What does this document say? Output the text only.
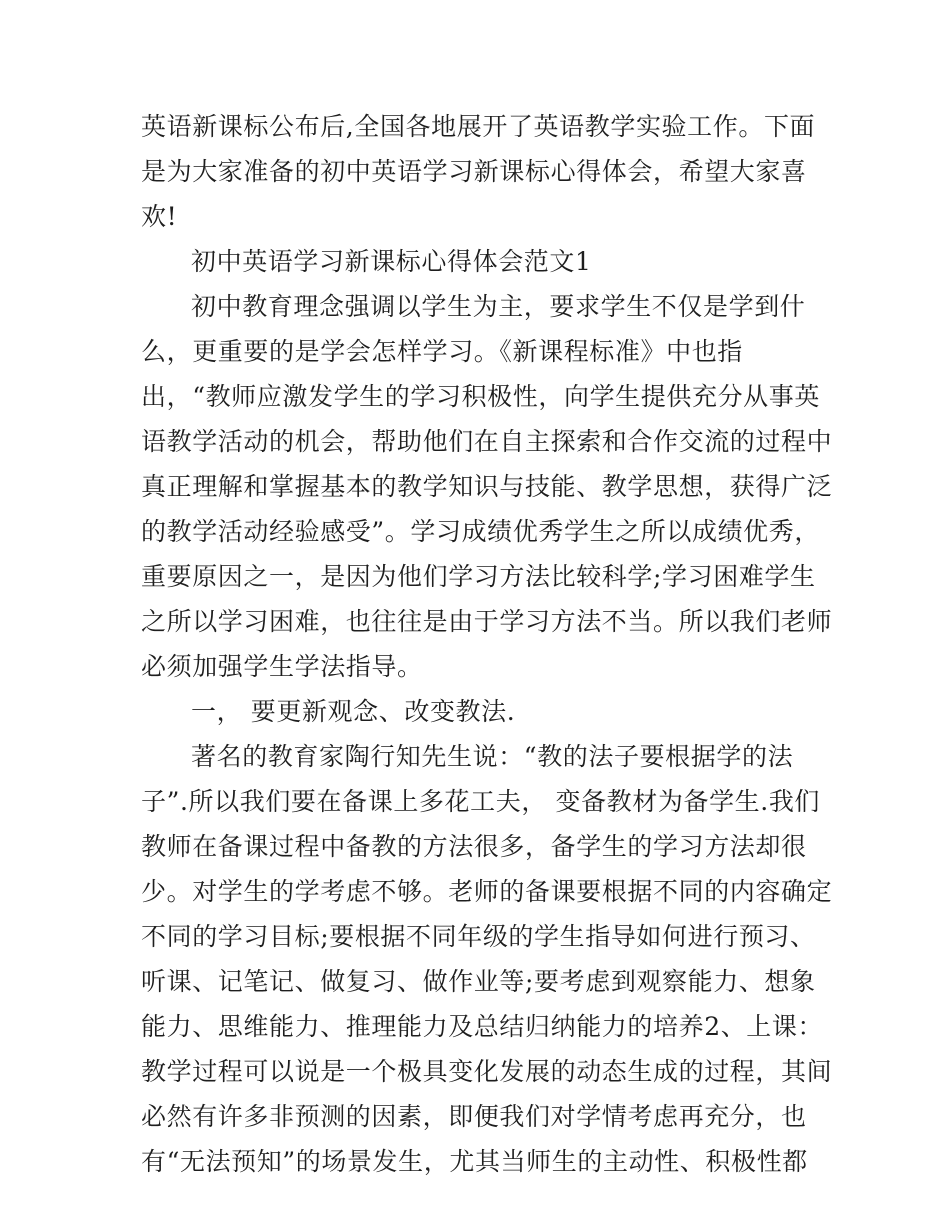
英语新课标公布后,全国各地展开了英语教学实验工作。下面
是为大家准备的初中英语学习新课标心得体会，希望大家喜
欢!
初中英语学习新课标心得体会范文1
初中教育理念强调以学生为主，要求学生不仅是学到什
么，更重要的是学会怎样学习。《新课程标准》中也指
出，“教师应激发学生的学习积极性，向学生提供充分从事英
语教学活动的机会，帮助他们在自主探索和合作交流的过程中
真正理解和掌握基本的教学知识与技能、教学思想，获得广泛
的教学活动经验感受”。学习成绩优秀学生之所以成绩优秀，
重要原因之一，是因为他们学习方法比较科学;学习困难学生
之所以学习困难，也往往是由于学习方法不当。所以我们老师
必须加强学生学法指导。
一， 要更新观念、改变教法.
著名的教育家陶行知先生说：“教的法子要根据学的法
子”.所以我们要在备课上多花工夫， 变备教材为备学生.我们
教师在备课过程中备教的方法很多，备学生的学习方法却很
少。对学生的学考虑不够。老师的备课要根据不同的内容确定
不同的学习目标;要根据不同年级的学生指导如何进行预习、
听课、记笔记、做复习、做作业等;要考虑到观察能力、想象
能力、思维能力、推理能力及总结归纳能力的培养2、上课：
教学过程可以说是一个极具变化发展的动态生成的过程，其间
必然有许多非预测的因素，即便我们对学情考虑再充分，也
有“无法预知”的场景发生，尤其当师生的主动性、积极性都
